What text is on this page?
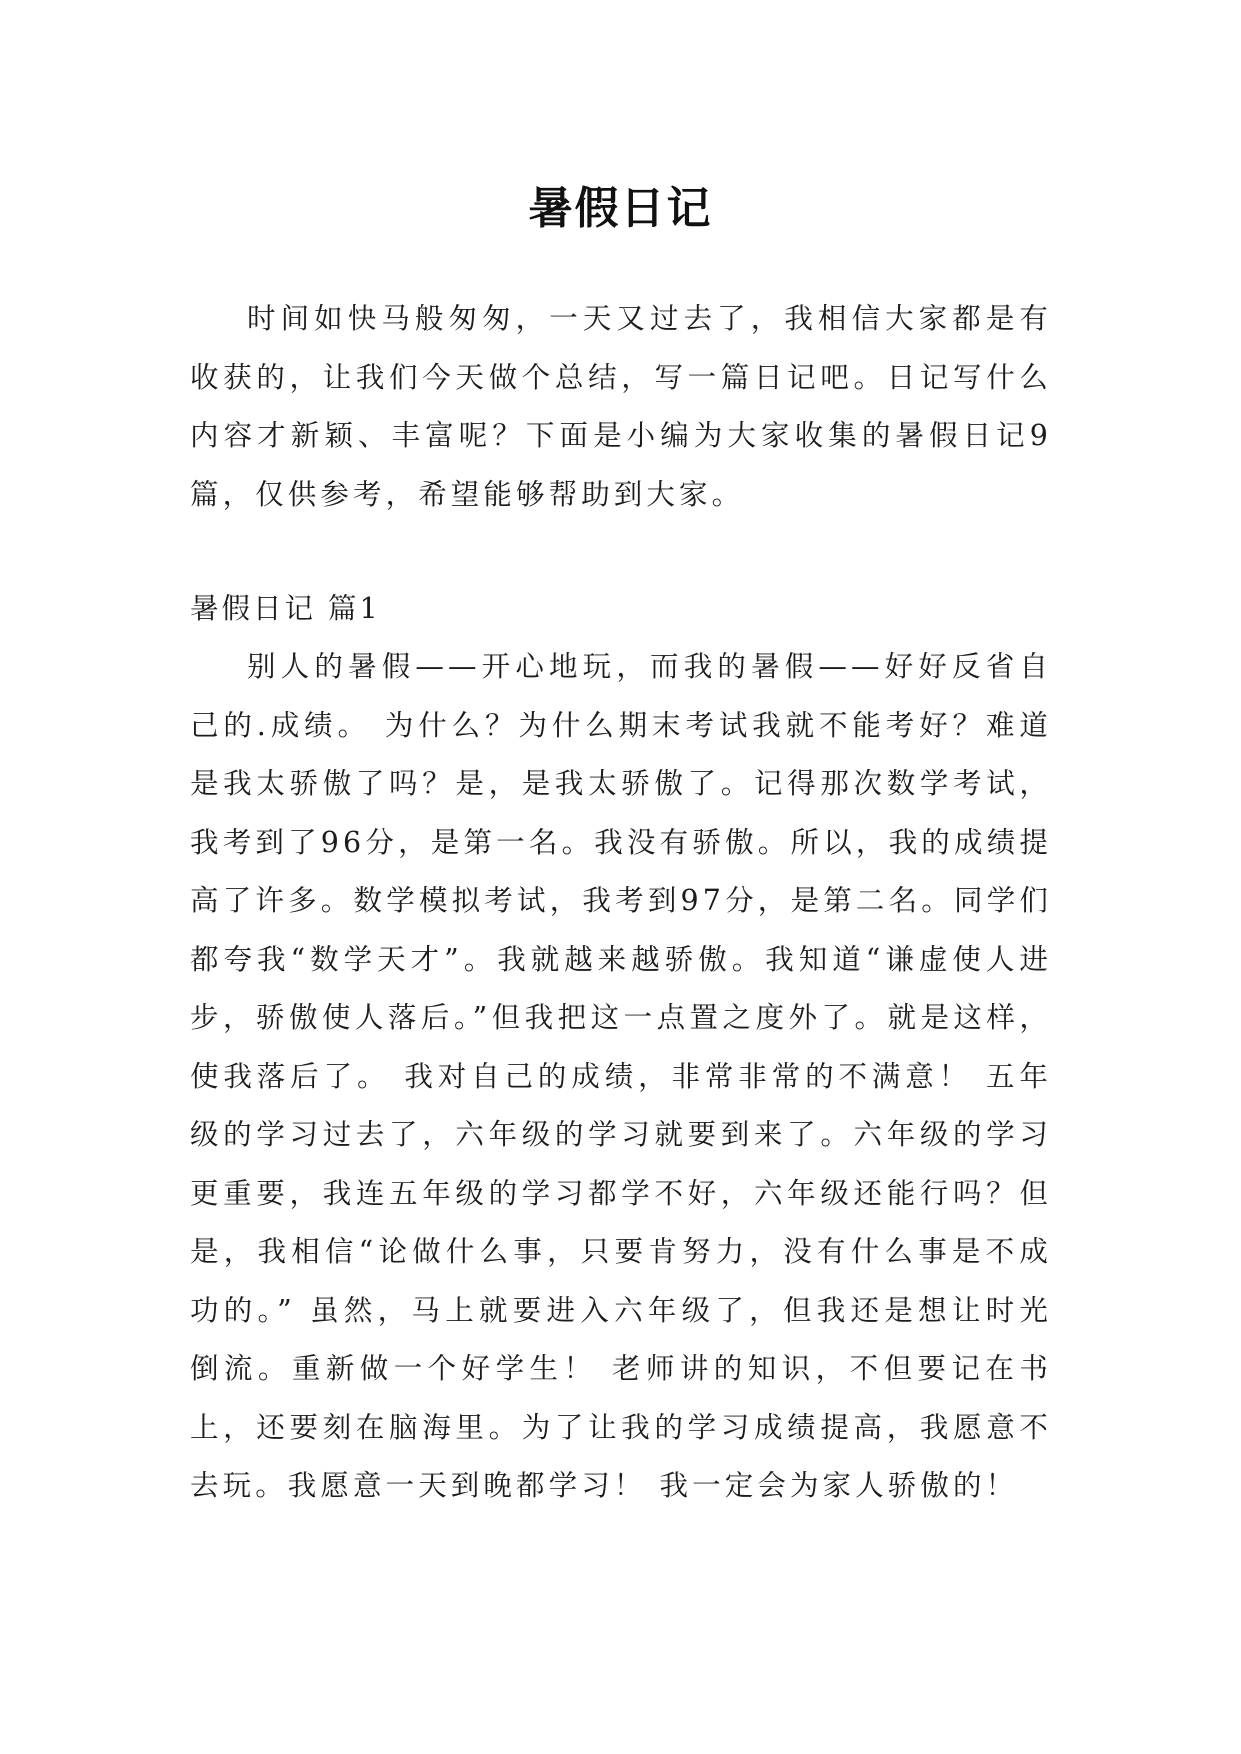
暑假日记

时间如快马般匆匆，一天又过去了，我相信大家都是有收获的，让我们今天做个总结，写一篇日记吧。日记写什么内容才新颖、丰富呢？下面是小编为大家收集的暑假日记9篇，仅供参考，希望能够帮助到大家。

暑假日记 篇1

别人的暑假——开心地玩，而我的暑假——好好反省自己的.成绩。 为什么？为什么期末考试我就不能考好？难道是我太骄傲了吗？是，是我太骄傲了。记得那次数学考试，我考到了96分，是第一名。我没有骄傲。所以，我的成绩提高了许多。数学模拟考试，我考到97分，是第二名。同学们都夸我“数学天才”。我就越来越骄傲。我知道“谦虚使人进步，骄傲使人落后。”但我把这一点置之度外了。就是这样，使我落后了。 我对自己的成绩，非常非常的不满意！ 五年级的学习过去了，六年级的学习就要到来了。六年级的学习更重要，我连五年级的学习都学不好，六年级还能行吗？但是，我相信“论做什么事，只要肯努力，没有什么事是不成功的。” 虽然，马上就要进入六年级了，但我还是想让时光倒流。重新做一个好学生！ 老师讲的知识，不但要记在书上，还要刻在脑海里。为了让我的学习成绩提高，我愿意不去玩。我愿意一天到晚都学习！ 我一定会为家人骄傲的！
